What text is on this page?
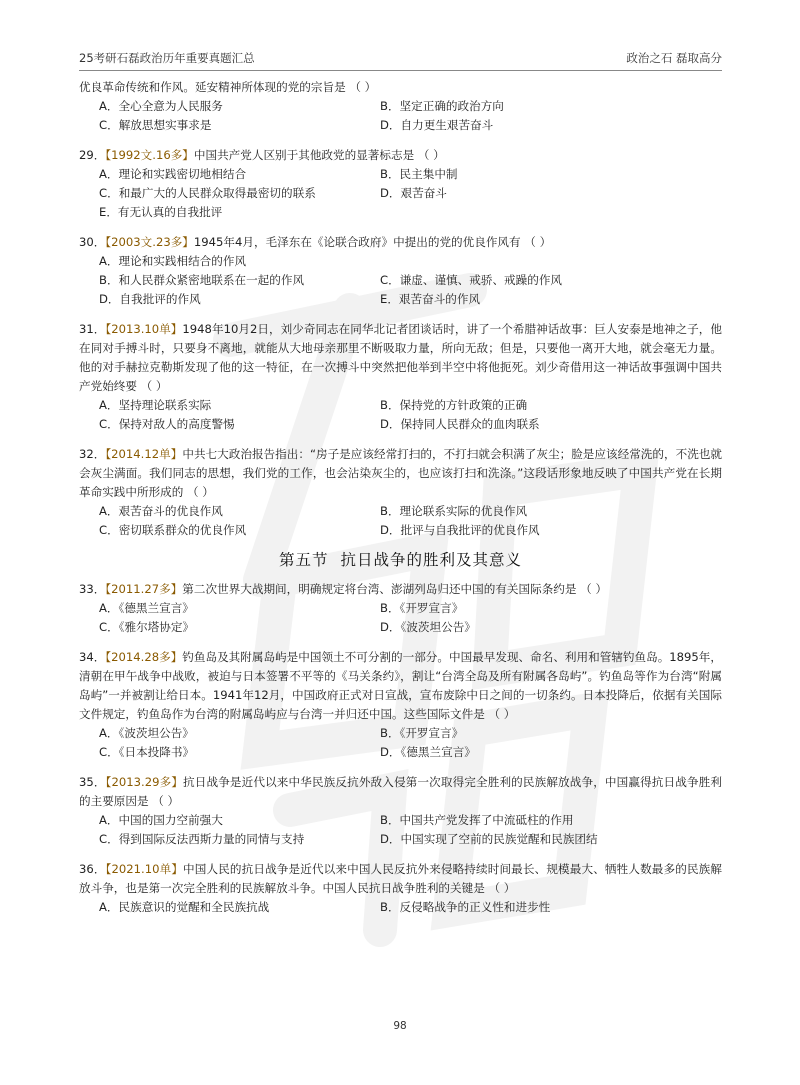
25考研石磊政治历年重要真题汇总	政治之石 磊取高分

优良革命传统和作风。延安精神所体现的党的宗旨是 （ ）

A．全心全意为人民服务	B．坚定正确的政治方向
C．解放思想实事求是	D．自力更生艰苦奋斗

29．【1992文.16多】中国共产党人区别于其他政党的显著标志是 （ ）

A．理论和实践密切地相结合	B．民主集中制
C．和最广大的人民群众取得最密切的联系	D．艰苦奋斗
E．有无认真的自我批评

30．【2003文.23多】1945年4月，毛泽东在《论联合政府》中提出的党的优良作风有 （ ）

A．理论和实践相结合的作风
B．和人民群众紧密地联系在一起的作风	C．谦虚、谨慎、戒骄、戒躁的作风
D．自我批评的作风	E．艰苦奋斗的作风

31．【2013.10单】1948年10月2日，刘少奇同志在同华北记者团谈话时，讲了一个希腊神话故事：巨人安泰是地神之子，他在同对手搏斗时，只要身不离地，就能从大地母亲那里不断吸取力量，所向无敌；但是，只要他一离开大地，就会毫无力量。他的对手赫拉克勒斯发现了他的这一特征，在一次搏斗中突然把他举到半空中将他扼死。刘少奇借用这一神话故事强调中国共产党始终要 （ ）

A．坚持理论联系实际	B．保持党的方针政策的正确
C．保持对敌人的高度警惕	D．保持同人民群众的血肉联系

32．【2014.12单】中共七大政治报告指出：“房子是应该经常打扫的，不打扫就会积满了灰尘；脸是应该经常洗的，不洗也就会灰尘满面。我们同志的思想，我们党的工作，也会沾染灰尘的，也应该打扫和洗涤。”这段话形象地反映了中国共产党在长期革命实践中所形成的 （ ）

A．艰苦奋斗的优良作风	B．理论联系实际的优良作风
C．密切联系群众的优良作风	D．批评与自我批评的优良作风
第五节 抗日战争的胜利及其意义

33．【2011.27多】第二次世界大战期间，明确规定将台湾、澎湖列岛归还中国的有关国际条约是 （ ）

A．《德黑兰宣言》	B．《开罗宣言》
C．《雅尔塔协定》	D．《波茨坦公告》

34．【2014.28多】钓鱼岛及其附属岛屿是中国领土不可分割的一部分。中国最早发现、命名、利用和管辖钓鱼岛。1895年，清朝在甲午战争中战败，被迫与日本签署不平等的《马关条约》，割让“台湾全岛及所有附属各岛屿”。钓鱼岛等作为台湾“附属岛屿”一并被割让给日本。1941年12月，中国政府正式对日宣战，宣布废除中日之间的一切条约。日本投降后，依据有关国际文件规定，钓鱼岛作为台湾的附属岛屿应与台湾一并归还中国。这些国际文件是 （ ）

A．《波茨坦公告》	B．《开罗宣言》
C．《日本投降书》	D．《德黑兰宣言》

35．【2013.29多】抗日战争是近代以来中华民族反抗外敌入侵第一次取得完全胜利的民族解放战争，中国赢得抗日战争胜利的主要原因是 （ ）

A．中国的国力空前强大	B．中国共产党发挥了中流砥柱的作用
C．得到国际反法西斯力量的同情与支持	D．中国实现了空前的民族觉醒和民族团结

36．【2021.10单】中国人民的抗日战争是近代以来中国人民反抗外来侵略持续时间最长、规模最大、牺牲人数最多的民族解放斗争，也是第一次完全胜利的民族解放斗争。中国人民抗日战争胜利的关键是 （ ）

A．民族意识的觉醒和全民族抗战	B．反侵略战争的正义性和进步性
98
